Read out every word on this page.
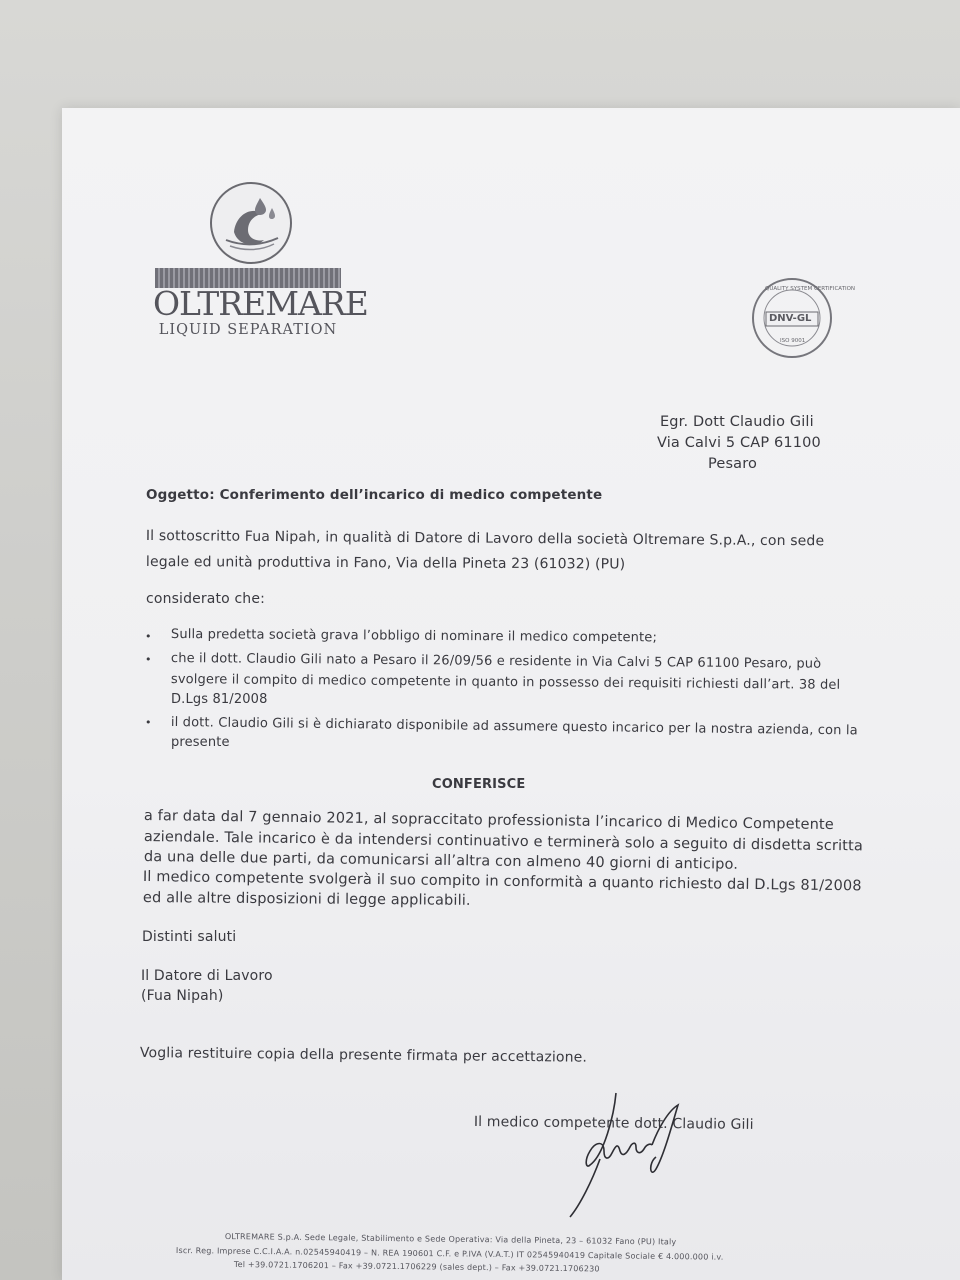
OLTREMARE
LIQUID SEPARATION
QUALITY SYSTEM CERTIFICATION
DNV-GL
ISO 9001
Egr. Dott Claudio Gili
Via Calvi 5 CAP 61100
Pesaro
Oggetto: Conferimento dell’incarico di medico competente
Il sottoscritto Fua Nipah, in qualità di Datore di Lavoro della società Oltremare S.p.A., con sede
legale ed unità produttiva in Fano, Via della Pineta 23 (61032) (PU)
considerato che:
• Sulla predetta società grava l’obbligo di nominare il medico competente;
• che il dott. Claudio Gili nato a Pesaro il 26/09/56 e residente in Via Calvi 5 CAP 61100 Pesaro, può
svolgere il compito di medico competente in quanto in possesso dei requisiti richiesti dall’art. 38 del
D.Lgs 81/2008
• il dott. Claudio Gili si è dichiarato disponibile ad assumere questo incarico per la nostra azienda, con la
presente
CONFERISCE
a far data dal 7 gennaio 2021, al sopraccitato professionista l’incarico di Medico Competente
aziendale. Tale incarico è da intendersi continuativo e terminerà solo a seguito di disdetta scritta
da una delle due parti, da comunicarsi all’altra con almeno 40 giorni di anticipo.
Il medico competente svolgerà il suo compito in conformità a quanto richiesto dal D.Lgs 81/2008
ed alle altre disposizioni di legge applicabili.
Distinti saluti
Il Datore di Lavoro
(Fua Nipah)
Voglia restituire copia della presente firmata per accettazione.
Il medico competente dott. Claudio Gili
OLTREMARE S.p.A. Sede Legale, Stabilimento e Sede Operativa: Via della Pineta, 23 – 61032 Fano (PU) Italy
Iscr. Reg. Imprese C.C.I.A.A. n.02545940419 – N. REA 190601 C.F. e P.IVA (V.A.T.) IT 02545940419 Capitale Sociale € 4.000.000 i.v.
Tel +39.0721.1706201 – Fax +39.0721.1706229 (sales dept.) – Fax +39.0721.1706230
